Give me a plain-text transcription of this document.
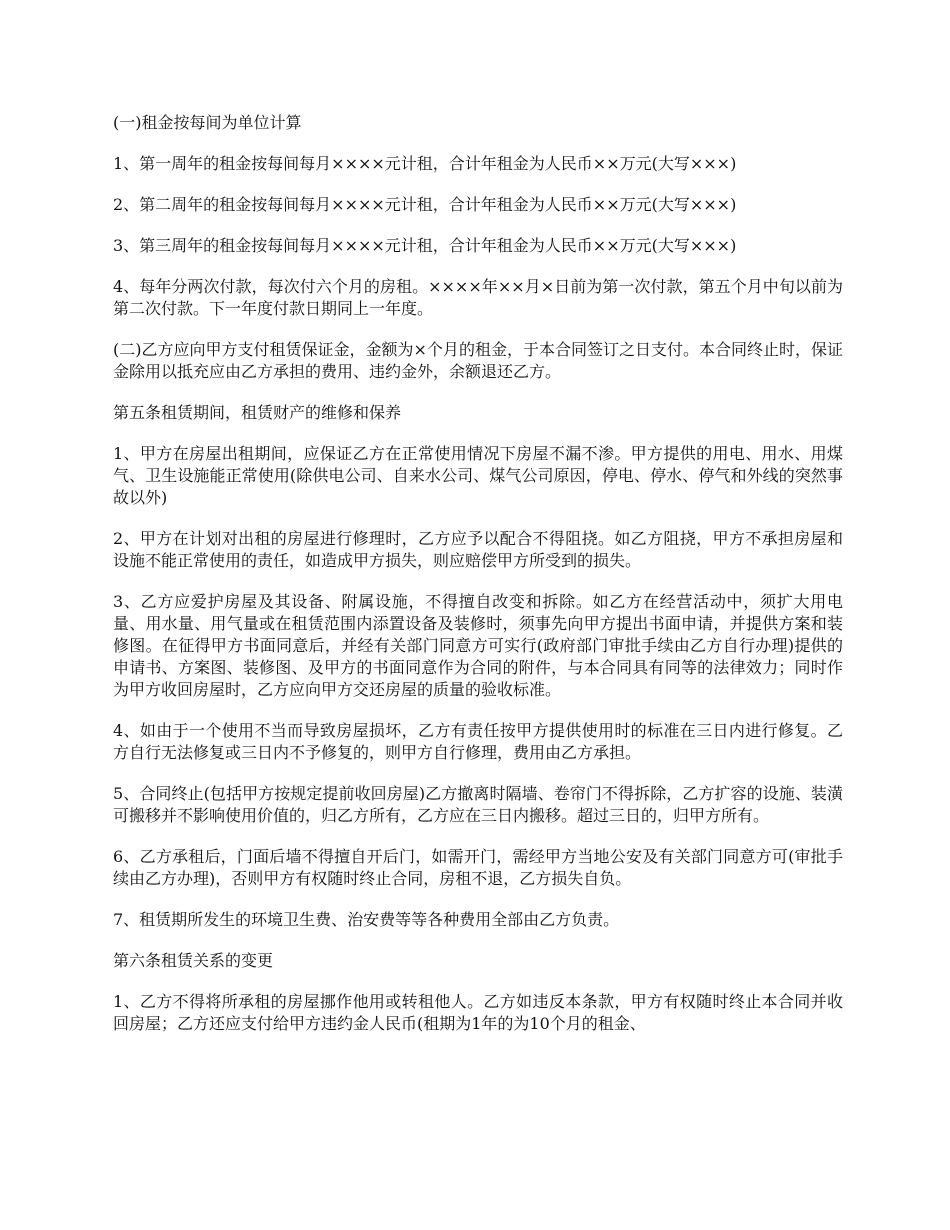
(一)租金按每间为单位计算

1、第一周年的租金按每间每月××××元计租，合计年租金为人民币××万元(大写×××)

2、第二周年的租金按每间每月××××元计租，合计年租金为人民币××万元(大写×××)

3、第三周年的租金按每间每月××××元计租，合计年租金为人民币××万元(大写×××)

4、每年分两次付款，每次付六个月的房租。××××年××月×日前为第一次付款，第五个月中旬以前为第二次付款。下一年度付款日期同上一年度。

(二)乙方应向甲方支付租赁保证金，金额为×个月的租金，于本合同签订之日支付。本合同终止时，保证金除用以抵充应由乙方承担的费用、违约金外，余额退还乙方。

第五条租赁期间，租赁财产的维修和保养

1、甲方在房屋出租期间，应保证乙方在正常使用情况下房屋不漏不渗。甲方提供的用电、用水、用煤气、卫生设施能正常使用(除供电公司、自来水公司、煤气公司原因，停电、停水、停气和外线的突然事故以外)

2、甲方在计划对出租的房屋进行修理时，乙方应予以配合不得阻挠。如乙方阻挠，甲方不承担房屋和设施不能正常使用的责任，如造成甲方损失，则应赔偿甲方所受到的损失。

3、乙方应爱护房屋及其设备、附属设施，不得擅自改变和拆除。如乙方在经营活动中，须扩大用电量、用水量、用气量或在租赁范围内添置设备及装修时，须事先向甲方提出书面申请，并提供方案和装修图。在征得甲方书面同意后，并经有关部门同意方可实行(政府部门审批手续由乙方自行办理)提供的申请书、方案图、装修图、及甲方的书面同意作为合同的附件，与本合同具有同等的法律效力；同时作为甲方收回房屋时，乙方应向甲方交还房屋的质量的验收标准。

4、如由于一个使用不当而导致房屋损坏，乙方有责任按甲方提供使用时的标准在三日内进行修复。乙方自行无法修复或三日内不予修复的，则甲方自行修理，费用由乙方承担。

5、合同终止(包括甲方按规定提前收回房屋)乙方撤离时隔墙、卷帘门不得拆除，乙方扩容的设施、装潢可搬移并不影响使用价值的，归乙方所有，乙方应在三日内搬移。超过三日的，归甲方所有。

6、乙方承租后，门面后墙不得擅自开后门，如需开门，需经甲方当地公安及有关部门同意方可(审批手续由乙方办理)，否则甲方有权随时终止合同，房租不退，乙方损失自负。

7、租赁期所发生的环境卫生费、治安费等等各种费用全部由乙方负责。

第六条租赁关系的变更

1、乙方不得将所承租的房屋挪作他用或转租他人。乙方如违反本条款，甲方有权随时终止本合同并收回房屋；乙方还应支付给甲方违约金人民币(租期为1年的为10个月的租金、
